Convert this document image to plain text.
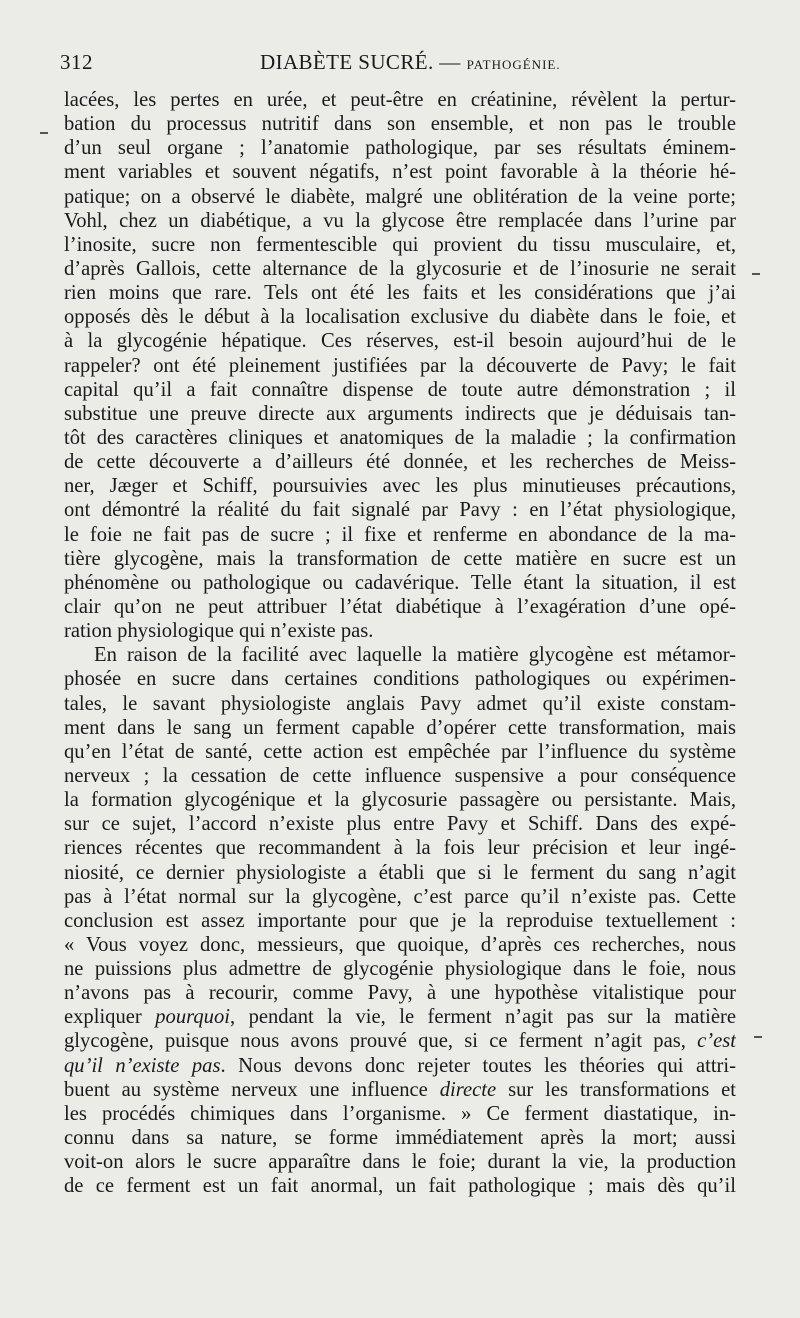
312	DIABÈTE SUCRÉ. — PATHOGÉNIE.
lacées, les pertes en urée, et peut-être en créatinine, révèlent la pertur-
bation du processus nutritif dans son ensemble, et non pas le trouble
d’un seul organe ; l’anatomie pathologique, par ses résultats éminem-
ment variables et souvent négatifs, n’est point favorable à la théorie hé-
patique; on a observé le diabète, malgré une oblitération de la veine porte;
Vohl, chez un diabétique, a vu la glycose être remplacée dans l’urine par
l’inosite, sucre non fermentescible qui provient du tissu musculaire, et,
d’après Gallois, cette alternance de la glycosurie et de l’inosurie ne serait
rien moins que rare. Tels ont été les faits et les considérations que j’ai
opposés dès le début à la localisation exclusive du diabète dans le foie, et
à la glycogénie hépatique. Ces réserves, est-il besoin aujourd’hui de le
rappeler? ont été pleinement justifiées par la découverte de Pavy; le fait
capital qu’il a fait connaître dispense de toute autre démonstration ; il
substitue une preuve directe aux arguments indirects que je déduisais tan-
tôt des caractères cliniques et anatomiques de la maladie ; la confirmation
de cette découverte a d’ailleurs été donnée, et les recherches de Meiss-
ner, Jæger et Schiff, poursuivies avec les plus minutieuses précautions,
ont démontré la réalité du fait signalé par Pavy : en l’état physiologique,
le foie ne fait pas de sucre ; il fixe et renferme en abondance de la ma-
tière glycogène, mais la transformation de cette matière en sucre est un
phénomène ou pathologique ou cadavérique. Telle étant la situation, il est
clair qu’on ne peut attribuer l’état diabétique à l’exagération d’une opé-
ration physiologique qui n’existe pas.
En raison de la facilité avec laquelle la matière glycogène est métamor-
phosée en sucre dans certaines conditions pathologiques ou expérimen-
tales, le savant physiologiste anglais Pavy admet qu’il existe constam-
ment dans le sang un ferment capable d’opérer cette transformation, mais
qu’en l’état de santé, cette action est empêchée par l’influence du système
nerveux ; la cessation de cette influence suspensive a pour conséquence
la formation glycogénique et la glycosurie passagère ou persistante. Mais,
sur ce sujet, l’accord n’existe plus entre Pavy et Schiff. Dans des expé-
riences récentes que recommandent à la fois leur précision et leur ingé-
niosité, ce dernier physiologiste a établi que si le ferment du sang n’agit
pas à l’état normal sur la glycogène, c’est parce qu’il n’existe pas. Cette
conclusion est assez importante pour que je la reproduise textuellement :
« Vous voyez donc, messieurs, que quoique, d’après ces recherches, nous
ne puissions plus admettre de glycogénie physiologique dans le foie, nous
n’avons pas à recourir, comme Pavy, à une hypothèse vitalistique pour
expliquer pourquoi, pendant la vie, le ferment n’agit pas sur la matière
glycogène, puisque nous avons prouvé que, si ce ferment n’agit pas, c’est
qu’il n’existe pas. Nous devons donc rejeter toutes les théories qui attri-
buent au système nerveux une influence directe sur les transformations et
les procédés chimiques dans l’organisme. » Ce ferment diastatique, in-
connu dans sa nature, se forme immédiatement après la mort; aussi
voit-on alors le sucre apparaître dans le foie; durant la vie, la production
de ce ferment est un fait anormal, un fait pathologique ; mais dès qu’il
